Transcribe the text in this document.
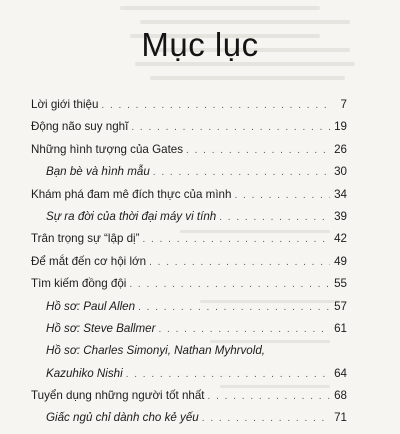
Mục lục
Lời giới thiệu . . .	7
Động não suy nghĩ . . .	19
Những hình tượng của Gates . . .	26
Bạn bè và hình mẫu . . .	30
Khám phá đam mê đích thực của mình . . .	34
Sự ra đời của thời đại máy vi tính . . .	39
Trân trọng sự “lập dị” . . .	42
Để mắt đến cơ hội lớn . . .	49
Tìm kiếm đồng đội . . .	55
Hồ sơ: Paul Allen . . .	57
Hồ sơ: Steve Ballmer . . .	61
Hồ sơ: Charles Simonyi, Nathan Myhrvold,
Kazuhiko Nishi . . .	64
Tuyển dụng những người tốt nhất . . .	68
Giấc ngủ chỉ dành cho kẻ yếu . . .	71
